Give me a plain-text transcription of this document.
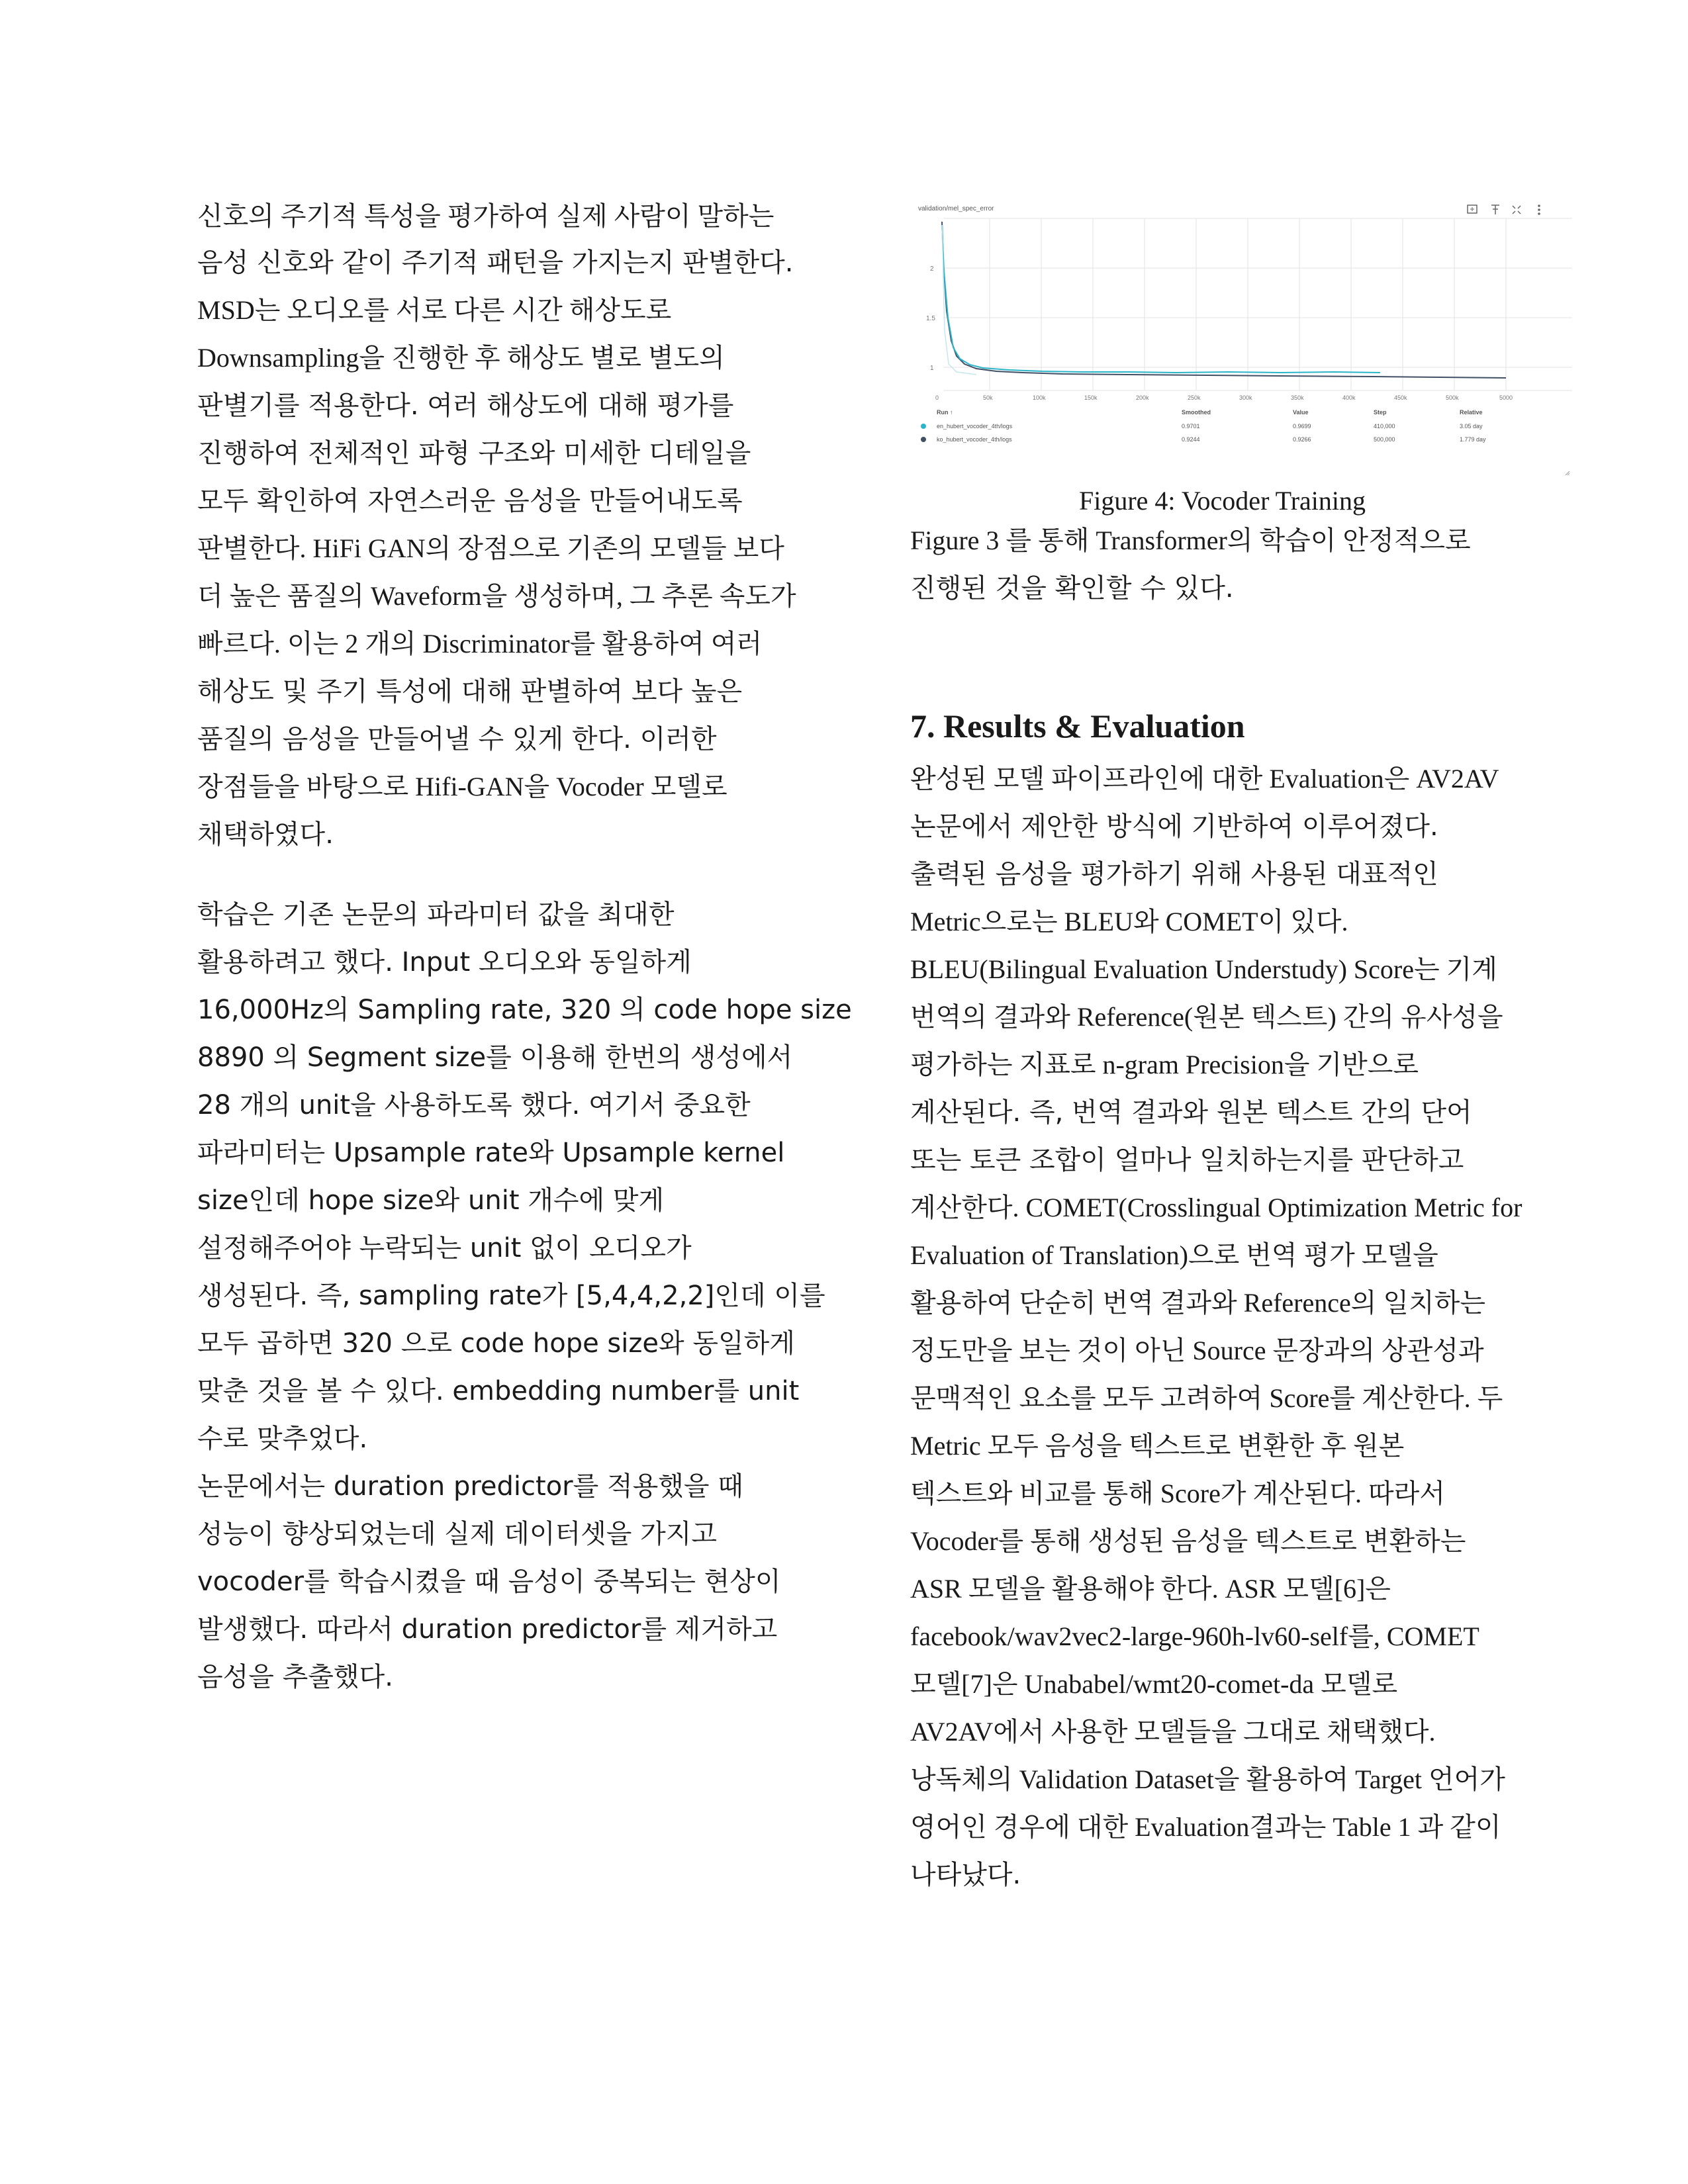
신호의 주기적 특성을 평가하여 실제 사람이 말하는
음성 신호와 같이 주기적 패턴을 가지는지 판별한다.
MSD는 오디오를 서로 다른 시간 해상도로
Downsampling을 진행한 후 해상도 별로 별도의
판별기를 적용한다. 여러 해상도에 대해 평가를
진행하여 전체적인 파형 구조와 미세한 디테일을
모두 확인하여 자연스러운 음성을 만들어내도록
판별한다. HiFi GAN의 장점으로 기존의 모델들 보다
더 높은 품질의 Waveform을 생성하며, 그 추론 속도가
빠르다. 이는 2 개의 Discriminator를 활용하여 여러
해상도 및 주기 특성에 대해 판별하여 보다 높은
품질의 음성을 만들어낼 수 있게 한다. 이러한
장점들을 바탕으로 Hifi-GAN을 Vocoder 모델로
채택하였다.
학습은 기존 논문의 파라미터 값을 최대한
활용하려고 했다. Input 오디오와 동일하게
16,000Hz의 Sampling rate, 320 의 code hope size
8890 의 Segment size를 이용해 한번의 생성에서
28 개의 unit을 사용하도록 했다. 여기서 중요한
파라미터는 Upsample rate와 Upsample kernel
size인데 hope size와 unit 개수에 맞게
설정해주어야 누락되는 unit 없이 오디오가
생성된다. 즉, sampling rate가 [5,4,4,2,2]인데 이를
모두 곱하면 320 으로 code hope size와 동일하게
맞춘 것을 볼 수 있다. embedding number를 unit
수로 맞추었다.
논문에서는 duration predictor를 적용했을 때
성능이 향상되었는데 실제 데이터셋을 가지고
vocoder를 학습시켰을 때 음성이 중복되는 현상이
발생했다. 따라서 duration predictor를 제거하고
음성을 추출했다.
validation/mel_spec_error
2
1.5
1
0	50k	100k	150k	200k	250k	300k	350k	400k	450k	500k	5000
Run ↑	Smoothed	Value	Step	Relative
en_hubert_vocoder_4th/logs	0.9701	0.9699	410,000	3.05 day
ko_hubert_vocoder_4th/logs	0.9244	0.9266	500,000	1.779 day
Figure 4: Vocoder Training
Figure 3 를 통해 Transformer의 학습이 안정적으로
진행된 것을 확인할 수 있다.
7. Results & Evaluation
완성된 모델 파이프라인에 대한 Evaluation은 AV2AV
논문에서 제안한 방식에 기반하여 이루어졌다.
출력된 음성을 평가하기 위해 사용된 대표적인
Metric으로는 BLEU와 COMET이 있다.
BLEU(Bilingual Evaluation Understudy) Score는 기계
번역의 결과와 Reference(원본 텍스트) 간의 유사성을
평가하는 지표로 n-gram Precision을 기반으로
계산된다. 즉, 번역 결과와 원본 텍스트 간의 단어
또는 토큰 조합이 얼마나 일치하는지를 판단하고
계산한다. COMET(Crosslingual Optimization Metric for
Evaluation of Translation)으로 번역 평가 모델을
활용하여 단순히 번역 결과와 Reference의 일치하는
정도만을 보는 것이 아닌 Source 문장과의 상관성과
문맥적인 요소를 모두 고려하여 Score를 계산한다. 두
Metric 모두 음성을 텍스트로 변환한 후 원본
텍스트와 비교를 통해 Score가 계산된다. 따라서
Vocoder를 통해 생성된 음성을 텍스트로 변환하는
ASR 모델을 활용해야 한다. ASR 모델[6]은
facebook/wav2vec2-large-960h-lv60-self를, COMET
모델[7]은 Unababel/wmt20-comet-da 모델로
AV2AV에서 사용한 모델들을 그대로 채택했다.
낭독체의 Validation Dataset을 활용하여 Target 언어가
영어인 경우에 대한 Evaluation결과는 Table 1 과 같이
나타났다.
